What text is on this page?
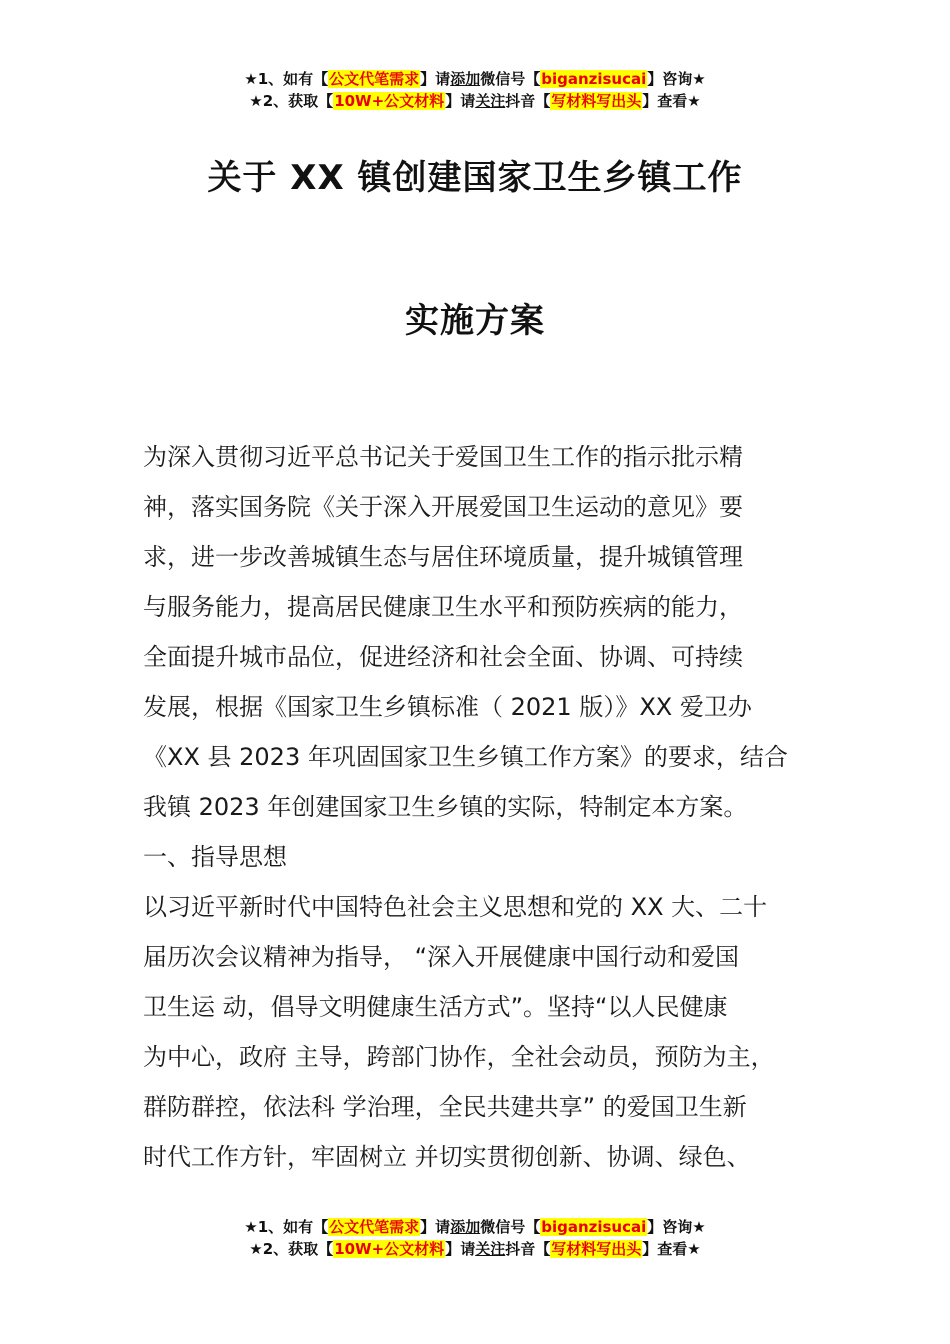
★1、如有【公文代笔需求】请添加微信号【biganzisucai】咨询★
★2、获取【10W+公文材料】请关注抖音【写材料写出头】查看★
关于 XX 镇创建国家卫生乡镇工作
实施方案
为深入贯彻习近平总书记关于爱国卫生工作的指示批示精
神，落实国务院《关于深入开展爱国卫生运动的意见》要
求，进一步改善城镇生态与居住环境质量，提升城镇管理
与服务能力，提高居民健康卫生水平和预防疾病的能力，
全面提升城市品位，促进经济和社会全面、协调、可持续
发展，根据《国家卫生乡镇标准（ 2021 版）》XX 爱卫办
《XX 县 2023 年巩固国家卫生乡镇工作方案》的要求，结合
我镇 2023 年创建国家卫生乡镇的实际，特制定本方案。
一、指导思想
以习近平新时代中国特色社会主义思想和党的 XX 大、二十
届历次会议精神为指导， “深入开展健康中国行动和爱国
卫生运 动，倡导文明健康生活方式”。坚持“以人民健康
为中心，政府 主导，跨部门协作，全社会动员，预防为主，
群防群控，依法科 学治理，全民共建共享” 的爱国卫生新
时代工作方针，牢固树立 并切实贯彻创新、协调、绿色、
★1、如有【公文代笔需求】请添加微信号【biganzisucai】咨询★
★2、获取【10W+公文材料】请关注抖音【写材料写出头】查看★
